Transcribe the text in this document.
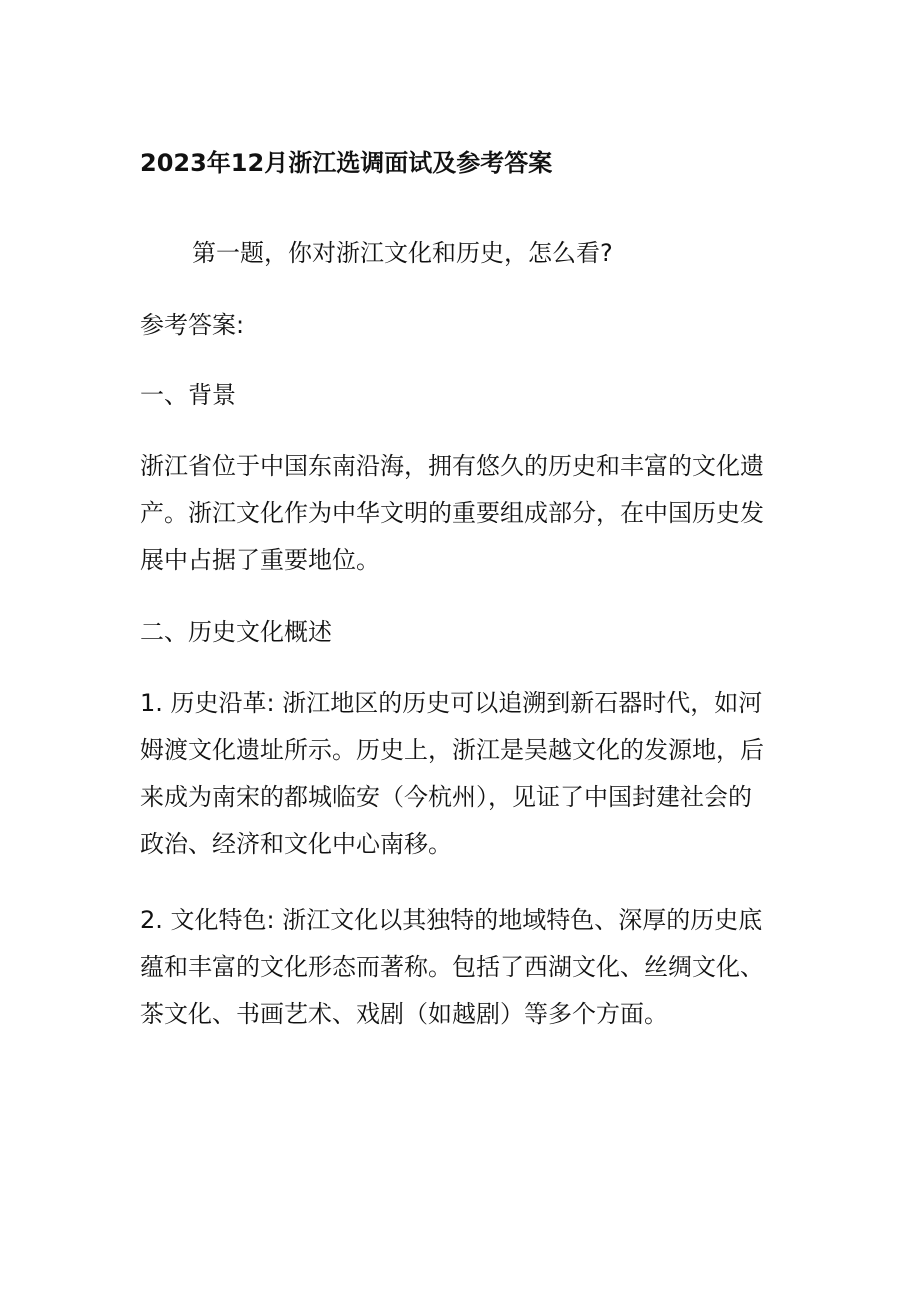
2023年12月浙江选调面试及参考答案
第一题，你对浙江文化和历史，怎么看?
参考答案:
一、背景
浙江省位于中国东南沿海，拥有悠久的历史和丰富的文化遗
产。浙江文化作为中华文明的重要组成部分，在中国历史发
展中占据了重要地位。
二、历史文化概述
1. 历史沿革: 浙江地区的历史可以追溯到新石器时代，如河
姆渡文化遗址所示。历史上，浙江是吴越文化的发源地，后
来成为南宋的都城临安（今杭州），见证了中国封建社会的
政治、经济和文化中心南移。
2. 文化特色: 浙江文化以其独特的地域特色、深厚的历史底
蕴和丰富的文化形态而著称。包括了西湖文化、丝绸文化、
茶文化、书画艺术、戏剧（如越剧）等多个方面。
